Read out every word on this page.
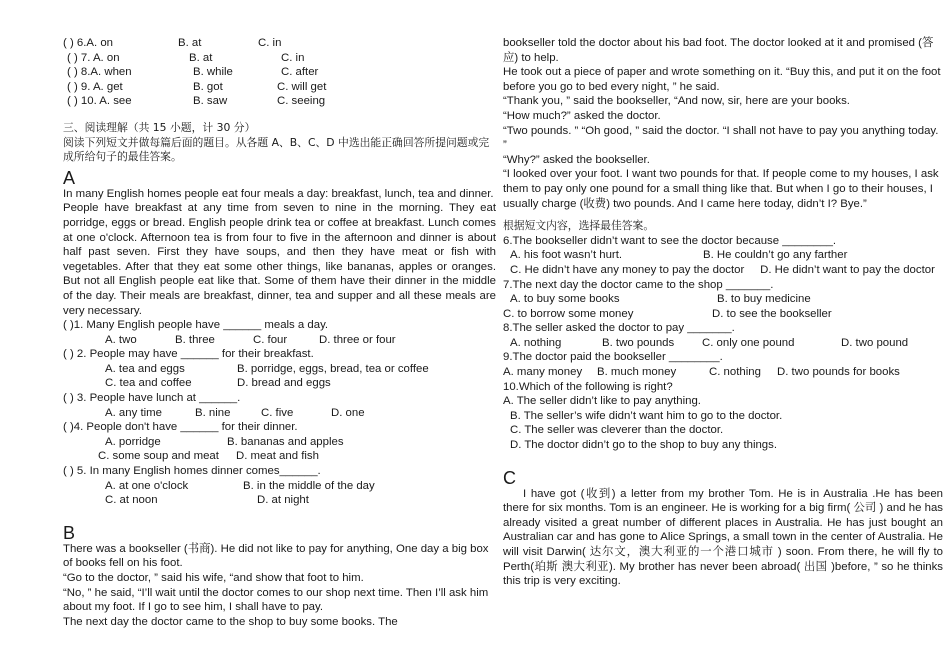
( ) 6.A. on	B. at	C. in
( ) 7. A. on	B. at	C. in
( ) 8.A. when	B. while	C. after
( ) 9. A. get	B. got	C. will get
( ) 10. A. see	B. saw	C. seeing
三、阅读理解（共 15 小题，计 30 分）
阅读下列短文并做每篇后面的题目。从各题 A、B、C、D 中选出能正确回答所提问题或完成所给句子的最佳答案。
A
In many English homes people eat four meals a day: breakfast, lunch, tea and dinner.
People have breakfast at any time from seven to nine in the morning. They eat porridge, eggs or bread. English people drink tea or coffee at breakfast. Lunch comes at one o'clock. Afternoon tea is from four to five in the afternoon and dinner is about half past seven. First they have soups, and then they have meat or fish with vegetables. After that they eat some other things, like bananas, apples or oranges. But not all English people eat like that. Some of them have their dinner in the middle of the day. Their meals are breakfast, dinner, tea and supper and all these meals are very necessary.
( )1. Many English people have ______ meals a day.
A. two	B. three	C. four	D. three or four
( ) 2. People may have ______ for their breakfast.
A. tea and eggs	B. porridge, eggs, bread, tea or coffee
C. tea and coffee	D. bread and eggs
( ) 3. People have lunch at ______.
A. any time	B. nine	C. five	D. one
( )4. People don't have ______ for their dinner.
A. porridge	B. bananas and apples
C. some soup and meat	D. meat and fish
( ) 5. In many English homes dinner comes______.
A. at one o'clock	B. in the middle of the day
C. at noon	D. at night
B
There was a bookseller (书商). He did not like to pay for anything, One day a big box of books fell on his foot.
“Go to the doctor, ” said his wife, “and show that foot to him.
“No, ” he said, “I’ll wait until the doctor comes to our shop next time. Then I’ll ask him about my foot. If I go to see him, I shall have to pay.
The next day the doctor came to the shop to buy some books. The
bookseller told the doctor about his bad foot. The doctor looked at it and promised (答应) to help.
He took out a piece of paper and wrote something on it. “Buy this, and put it on the foot before you go to bed every night, ” he said.
“Thank you, ” said the bookseller, “And now, sir, here are your books.
“How much?” asked the doctor.
“Two pounds. ” “Oh good, ” said the doctor. “I shall not have to pay you anything today. ”
“Why?” asked the bookseller.
“I looked over your foot. I want two pounds for that. If people come to my houses, I ask them to pay only one pound for a small thing like that. But when I go to their houses, I usually charge (收费) two pounds. And I came here today, didn’t I? Bye.”
根据短文内容，选择最佳答案。
6.The bookseller didn’t want to see the doctor because ________.
A. his foot wasn’t hurt.	B. He couldn’t go any farther
C. He didn’t have any money to pay the doctor D. He didn’t want to pay the doctor
7.The next day the doctor came to the shop _______.
A. to buy some books	B. to buy medicine
C. to borrow some money	D. to see the bookseller
8.The seller asked the doctor to pay _______.
A. nothing	B. two pounds	C. only one pound	D. two pound
9.The doctor paid the bookseller ________.
A. many money	B. much money	C. nothing	D. two pounds for books
10.Which of the following is right?
A. The seller didn’t like to pay anything.
B. The seller’s wife didn’t want him to go to the doctor.
C. The seller was cleverer than the doctor.
D. The doctor didn’t go to the shop to buy any things.
C
I have got (收到) a letter from my brother Tom. He is in Australia .He has been there for six months. Tom is an engineer. He is working for a big firm( 公司 ) and he has already visited a great number of different places in Australia. He has just bought an Australian car and has gone to Alice Springs, a small town in the center of Australia. He will visit Darwin( 达尔文，澳大利亚的一个港口城市 ) soon. From there, he will fly to Perth(珀斯 澳大利亚). My brother has never been abroad( 出国 )before, ” so he thinks this trip is very exciting.
